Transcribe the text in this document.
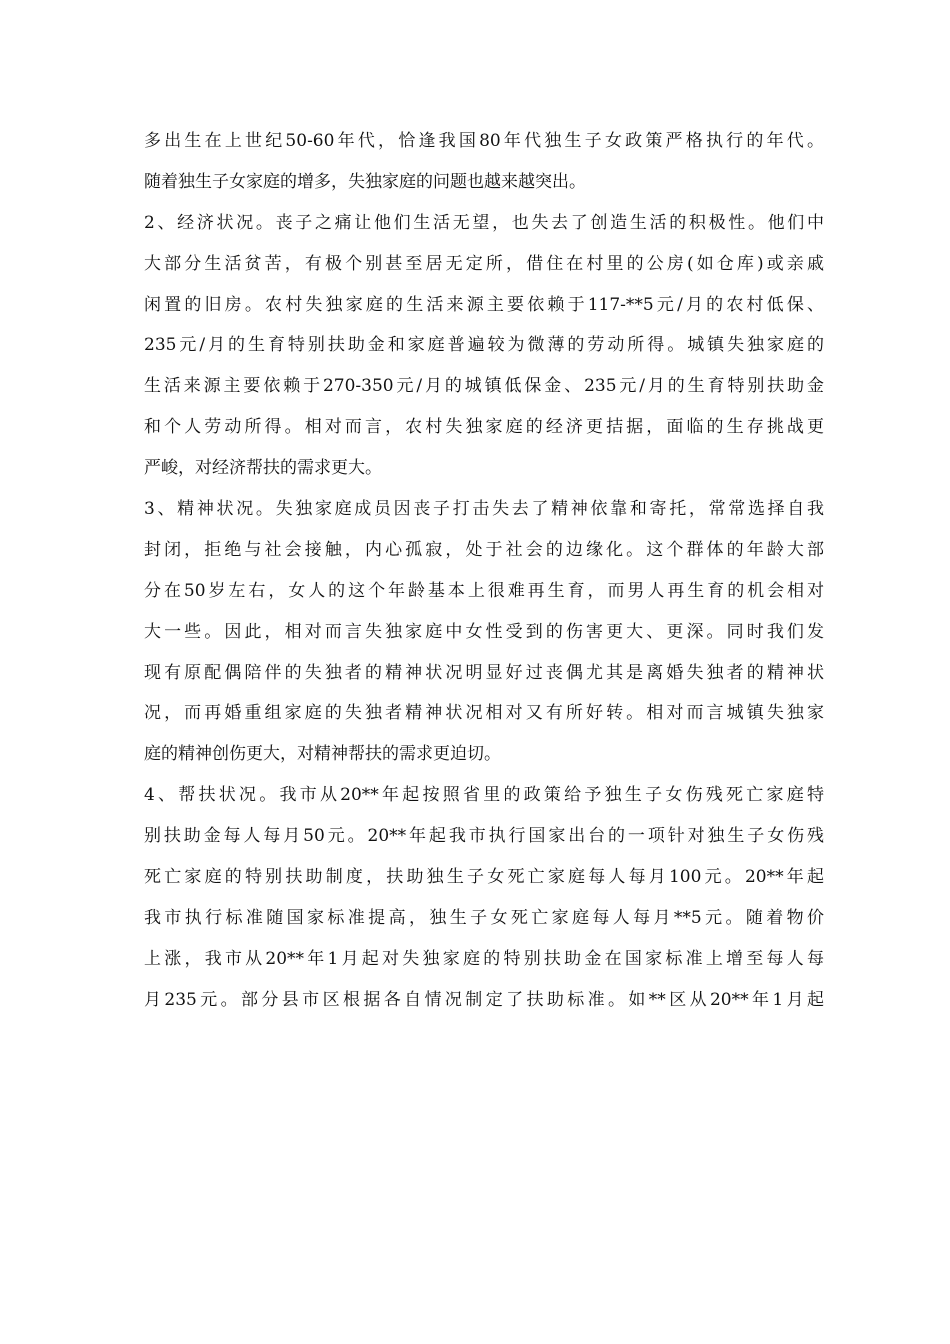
多出生在上世纪50-60年代，恰逢我国80年代独生子女政策严格执行的年代。
随着独生子女家庭的增多，失独家庭的问题也越来越突出。
2、经济状况。丧子之痛让他们生活无望，也失去了创造生活的积极性。他们中
大部分生活贫苦，有极个别甚至居无定所，借住在村里的公房(如仓库)或亲戚
闲置的旧房。农村失独家庭的生活来源主要依赖于117-**5元/月的农村低保、
235元/月的生育特别扶助金和家庭普遍较为微薄的劳动所得。城镇失独家庭的
生活来源主要依赖于270-350元/月的城镇低保金、235元/月的生育特别扶助金
和个人劳动所得。相对而言，农村失独家庭的经济更拮据，面临的生存挑战更
严峻，对经济帮扶的需求更大。
3、精神状况。失独家庭成员因丧子打击失去了精神依靠和寄托，常常选择自我
封闭，拒绝与社会接触，内心孤寂，处于社会的边缘化。这个群体的年龄大部
分在50岁左右，女人的这个年龄基本上很难再生育，而男人再生育的机会相对
大一些。因此，相对而言失独家庭中女性受到的伤害更大、更深。同时我们发
现有原配偶陪伴的失独者的精神状况明显好过丧偶尤其是离婚失独者的精神状
况，而再婚重组家庭的失独者精神状况相对又有所好转。相对而言城镇失独家
庭的精神创伤更大，对精神帮扶的需求更迫切。
4、帮扶状况。我市从20**年起按照省里的政策给予独生子女伤残死亡家庭特
别扶助金每人每月50元。20**年起我市执行国家出台的一项针对独生子女伤残
死亡家庭的特别扶助制度，扶助独生子女死亡家庭每人每月100元。20**年起
我市执行标准随国家标准提高，独生子女死亡家庭每人每月**5元。随着物价
上涨，我市从20**年1月起对失独家庭的特别扶助金在国家标准上增至每人每
月235元。部分县市区根据各自情况制定了扶助标准。如**区从20**年1月起
